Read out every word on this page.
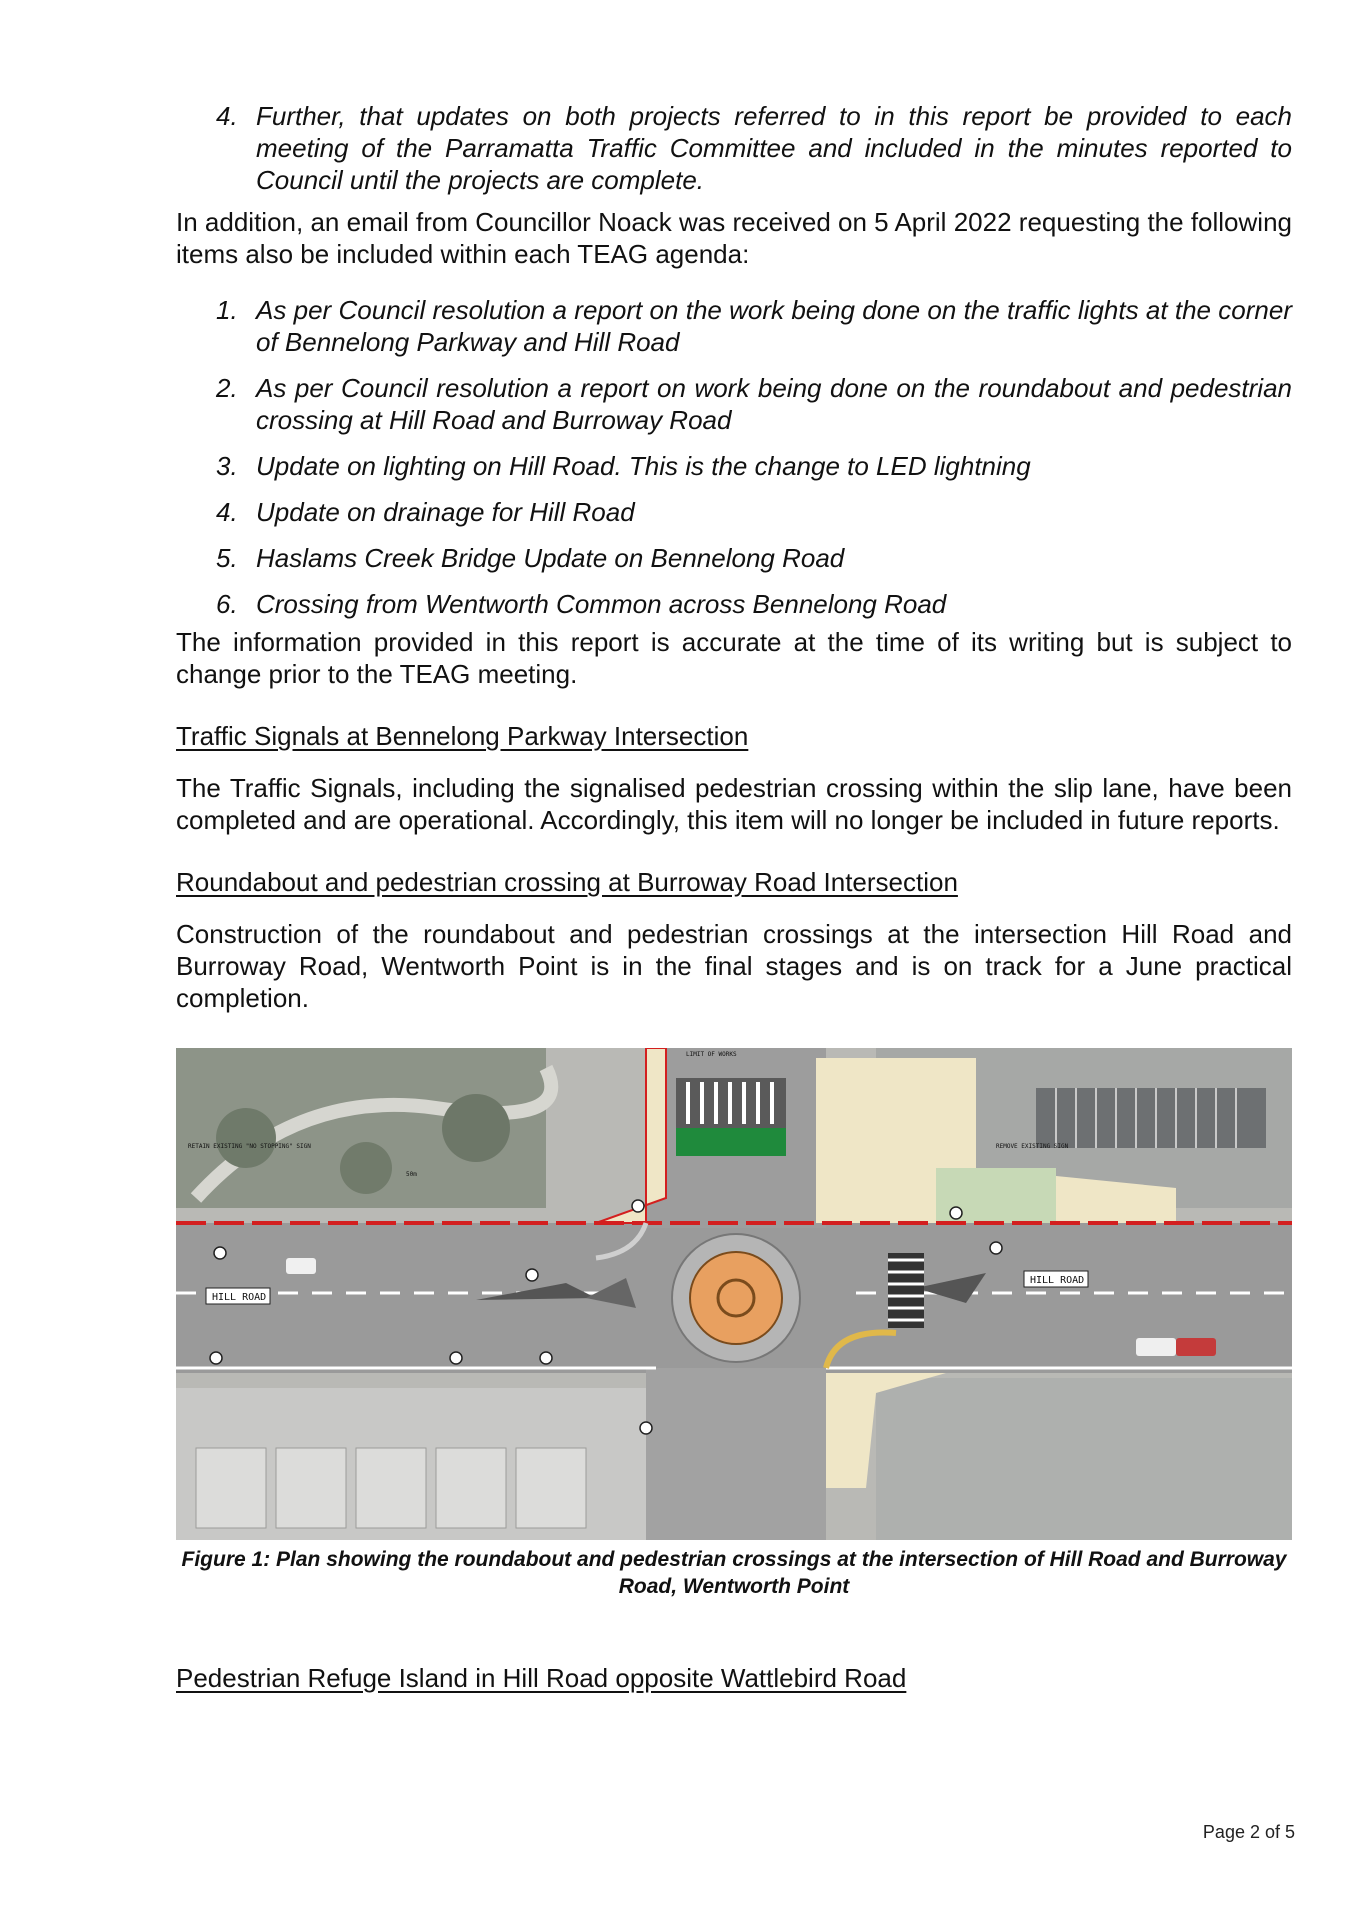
4. Further, that updates on both projects referred to in this report be provided to each meeting of the Parramatta Traffic Committee and included in the minutes reported to Council until the projects are complete.

In addition, an email from Councillor Noack was received on 5 April 2022 requesting the following items also be included within each TEAG agenda:

1. As per Council resolution a report on the work being done on the traffic lights at the corner of Bennelong Parkway and Hill Road
2. As per Council resolution a report on work being done on the roundabout and pedestrian crossing at Hill Road and Burroway Road
3. Update on lighting on Hill Road. This is the change to LED lightning
4. Update on drainage for Hill Road
5. Haslams Creek Bridge Update on Bennelong Road
6. Crossing from Wentworth Common across Bennelong Road

The information provided in this report is accurate at the time of its writing but is subject to change prior to the TEAG meeting.

Traffic Signals at Bennelong Parkway Intersection

The Traffic Signals, including the signalised pedestrian crossing within the slip lane, have been completed and are operational. Accordingly, this item will no longer be included in future reports.

Roundabout and pedestrian crossing at Burroway Road Intersection

Construction of the roundabout and pedestrian crossings at the intersection Hill Road and Burroway Road, Wentworth Point is in the final stages and is on track for a June practical completion.

HILL ROAD
HILL ROAD
RETAIN EXISTING "NO STOPPING" SIGN	REMOVE EXISTING SIGN
LIMIT OF WORKS
50m
Figure 1: Plan showing the roundabout and pedestrian crossings at the intersection of Hill Road and Burroway Road, Wentworth Point

Pedestrian Refuge Island in Hill Road opposite Wattlebird Road

Page 2 of 5
